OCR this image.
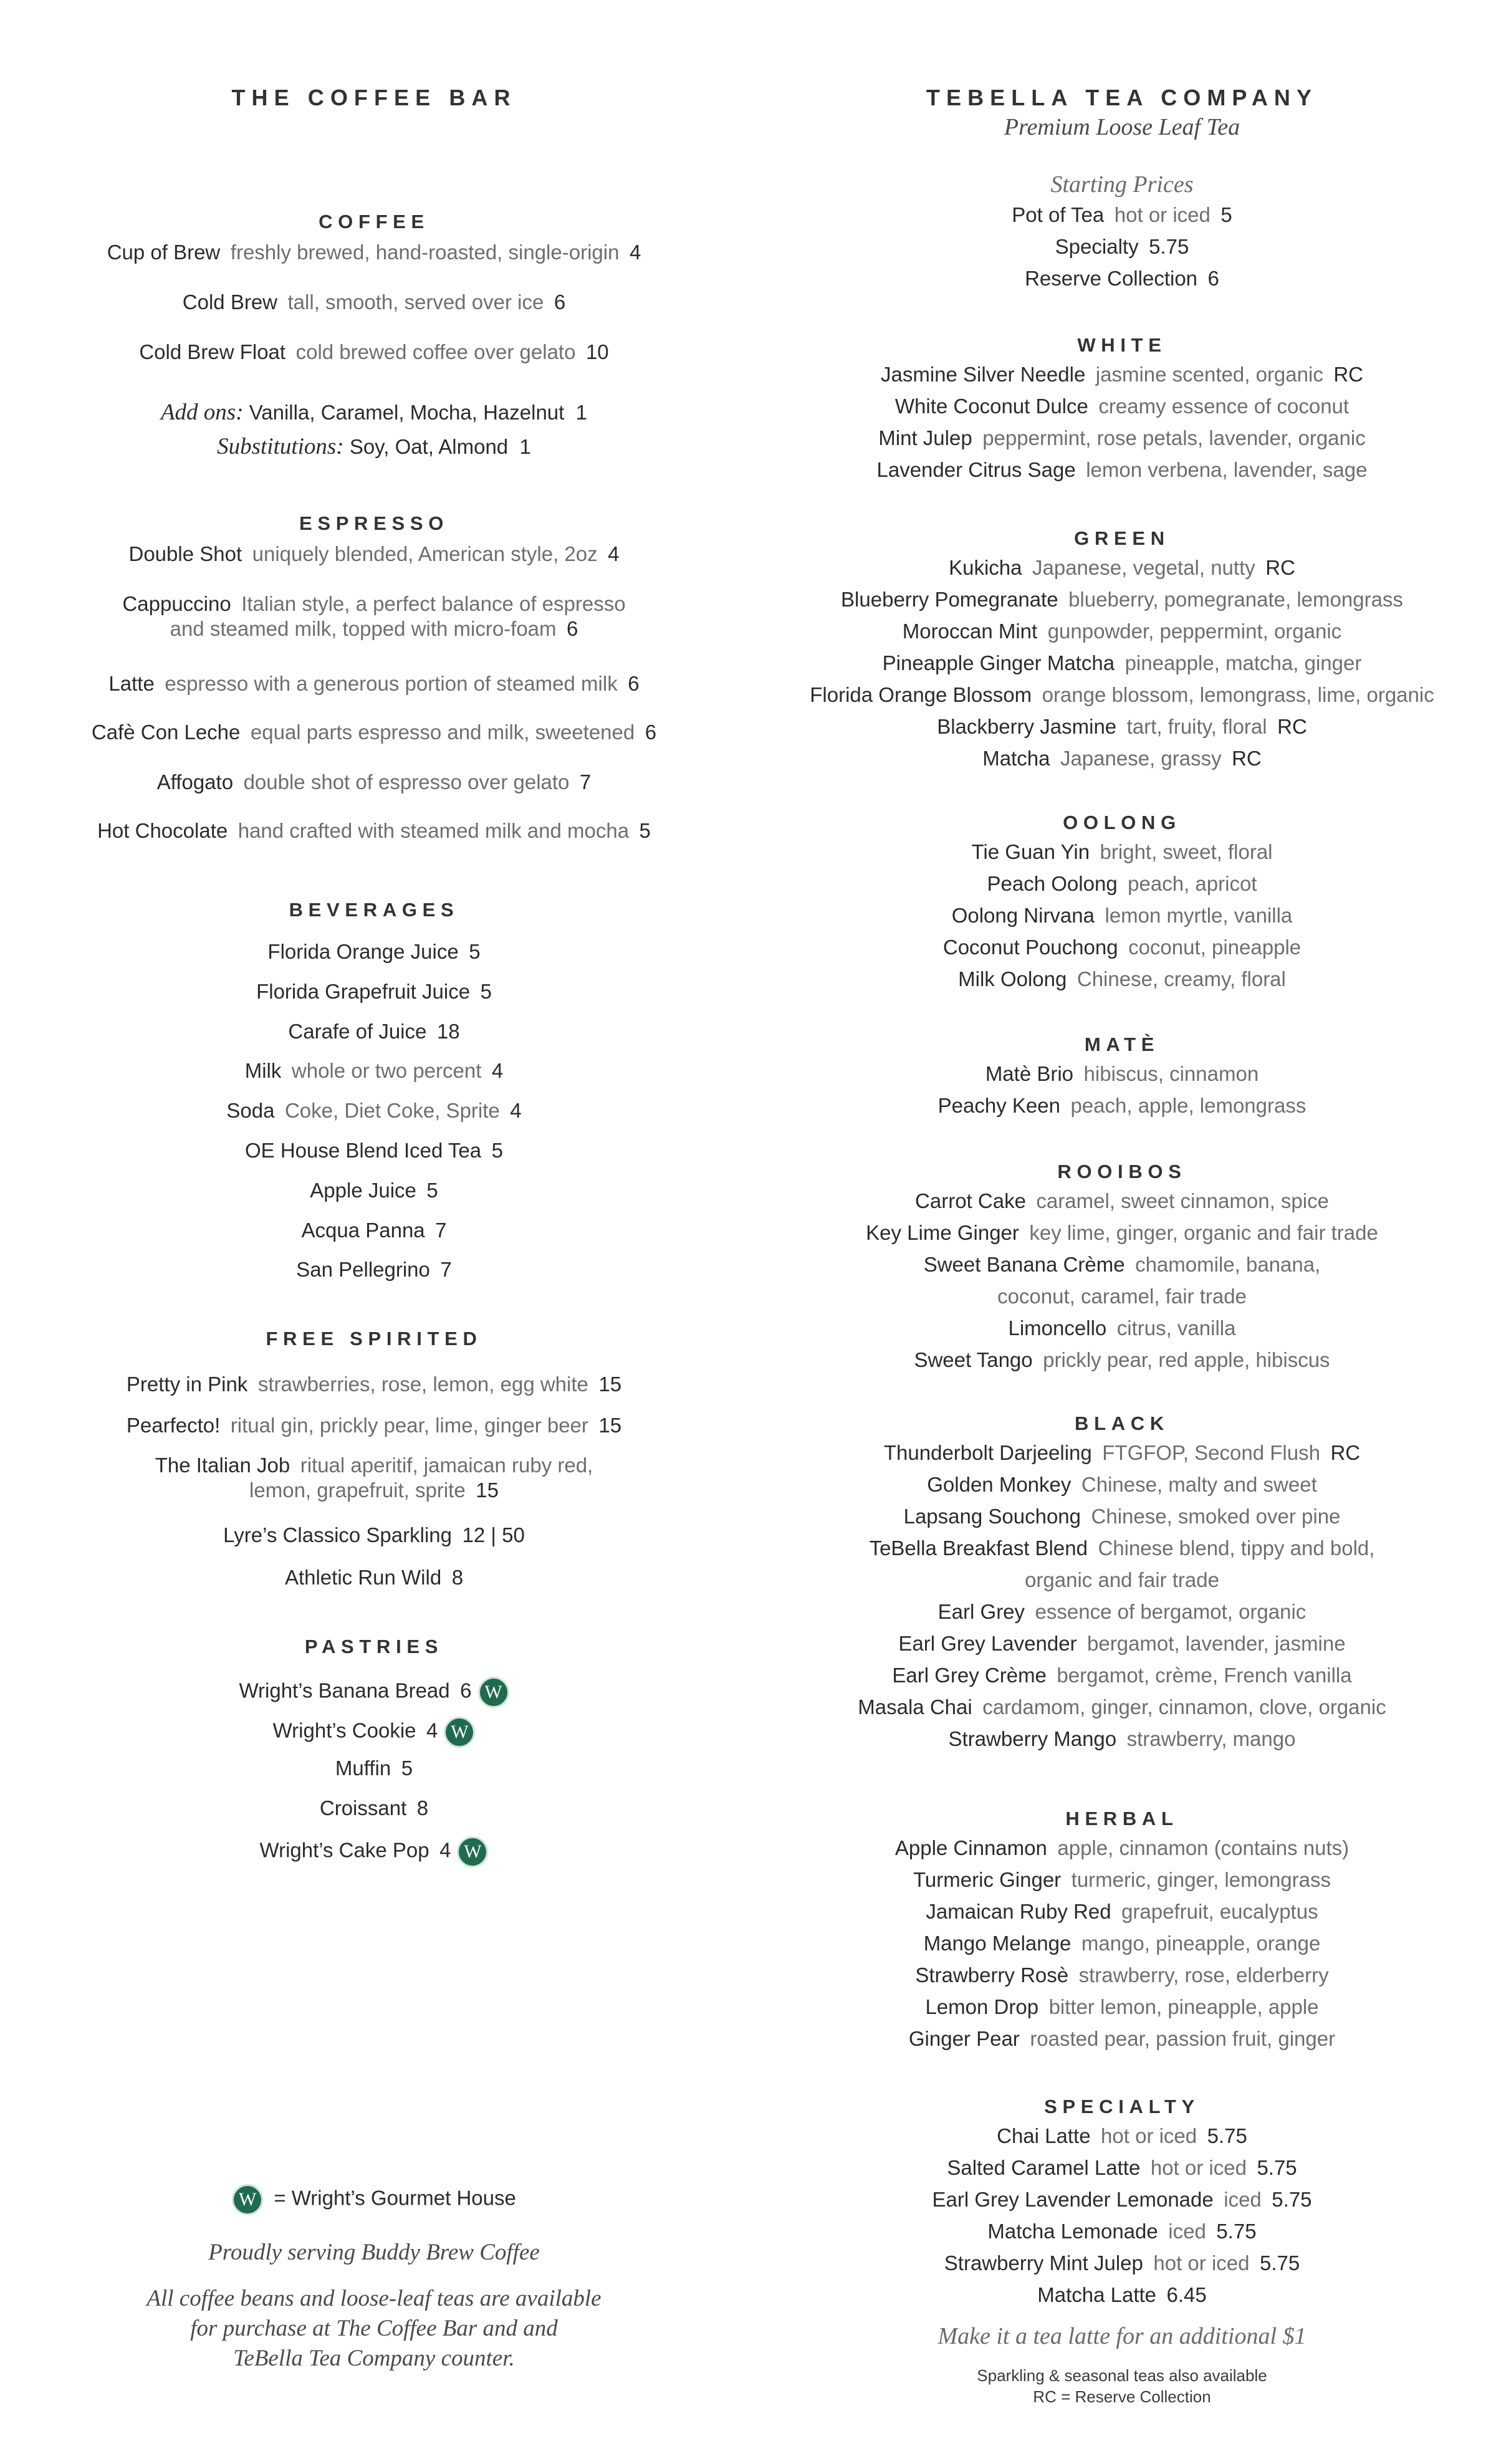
THE COFFEE BAR
COFFEE
Cup of Brew  freshly brewed, hand-roasted, single-origin  4
Cold Brew  tall, smooth, served over ice  6
Cold Brew Float  cold brewed coffee over gelato  10
Add ons: Vanilla, Caramel, Mocha, Hazelnut 1
Substitutions: Soy, Oat, Almond 1
ESPRESSO
Double Shot  uniquely blended, American style, 2oz  4
Cappuccino  Italian style, a perfect balance of espresso
and steamed milk, topped with micro-foam  6
Latte  espresso with a generous portion of steamed milk  6
Cafè Con Leche  equal parts espresso and milk, sweetened  6
Affogato  double shot of espresso over gelato  7
Hot Chocolate  hand crafted with steamed milk and mocha  5
BEVERAGES
Florida Orange Juice  5
Florida Grapefruit Juice  5
Carafe of Juice  18
Milk  whole or two percent  4
Soda  Coke, Diet Coke, Sprite  4
OE House Blend Iced Tea  5
Apple Juice  5
Acqua Panna  7
San Pellegrino  7
FREE SPIRITED
Pretty in Pink  strawberries, rose, lemon, egg white  15
Pearfecto!  ritual gin, prickly pear, lime, ginger beer  15
The Italian Job  ritual aperitif, jamaican ruby red,
lemon, grapefruit, sprite  15
Lyre’s Classico Sparkling  12 | 50
Athletic Run Wild  8
PASTRIES
Wright’s Banana Bread  6 W
Wright’s Cookie  4 W
Muffin  5
Croissant  8
Wright’s Cake Pop  4 W
W = Wright’s Gourmet House
Proudly serving Buddy Brew Coffee
All coffee beans and loose-leaf teas are available
for purchase at The Coffee Bar and and
TeBella Tea Company counter.
TEBELLA TEA COMPANY
Premium Loose Leaf Tea
Starting Prices
Pot of Tea  hot or iced  5
Specialty  5.75
Reserve Collection  6
WHITE
Jasmine Silver Needle  jasmine scented, organic  RC
White Coconut Dulce  creamy essence of coconut
Mint Julep  peppermint, rose petals, lavender, organic
Lavender Citrus Sage  lemon verbena, lavender, sage
GREEN
Kukicha  Japanese, vegetal, nutty  RC
Blueberry Pomegranate  blueberry, pomegranate, lemongrass
Moroccan Mint  gunpowder, peppermint, organic
Pineapple Ginger Matcha  pineapple, matcha, ginger
Florida Orange Blossom  orange blossom, lemongrass, lime, organic
Blackberry Jasmine  tart, fruity, floral  RC
Matcha  Japanese, grassy  RC
OOLONG
Tie Guan Yin  bright, sweet, floral
Peach Oolong  peach, apricot
Oolong Nirvana  lemon myrtle, vanilla
Coconut Pouchong  coconut, pineapple
Milk Oolong  Chinese, creamy, floral
MATÈ
Matè Brio  hibiscus, cinnamon
Peachy Keen  peach, apple, lemongrass
ROOIBOS
Carrot Cake  caramel, sweet cinnamon, spice
Key Lime Ginger  key lime, ginger, organic and fair trade
Sweet Banana Crème  chamomile, banana,
coconut, caramel, fair trade
Limoncello  citrus, vanilla
Sweet Tango  prickly pear, red apple, hibiscus
BLACK
Thunderbolt Darjeeling  FTGFOP, Second Flush  RC
Golden Monkey  Chinese, malty and sweet
Lapsang Souchong  Chinese, smoked over pine
TeBella Breakfast Blend  Chinese blend, tippy and bold,
organic and fair trade
Earl Grey  essence of bergamot, organic
Earl Grey Lavender  bergamot, lavender, jasmine
Earl Grey Crème  bergamot, crème, French vanilla
Masala Chai  cardamom, ginger, cinnamon, clove, organic
Strawberry Mango  strawberry, mango
HERBAL
Apple Cinnamon  apple, cinnamon (contains nuts)
Turmeric Ginger  turmeric, ginger, lemongrass
Jamaican Ruby Red  grapefruit, eucalyptus
Mango Melange  mango, pineapple, orange
Strawberry Rosè  strawberry, rose, elderberry
Lemon Drop  bitter lemon, pineapple, apple
Ginger Pear  roasted pear, passion fruit, ginger
SPECIALTY
Chai Latte  hot or iced  5.75
Salted Caramel Latte  hot or iced  5.75
Earl Grey Lavender Lemonade  iced  5.75
Matcha Lemonade  iced  5.75
Strawberry Mint Julep  hot or iced  5.75
Matcha Latte  6.45
Make it a tea latte for an additional $1
Sparkling & seasonal teas also available
RC = Reserve Collection
